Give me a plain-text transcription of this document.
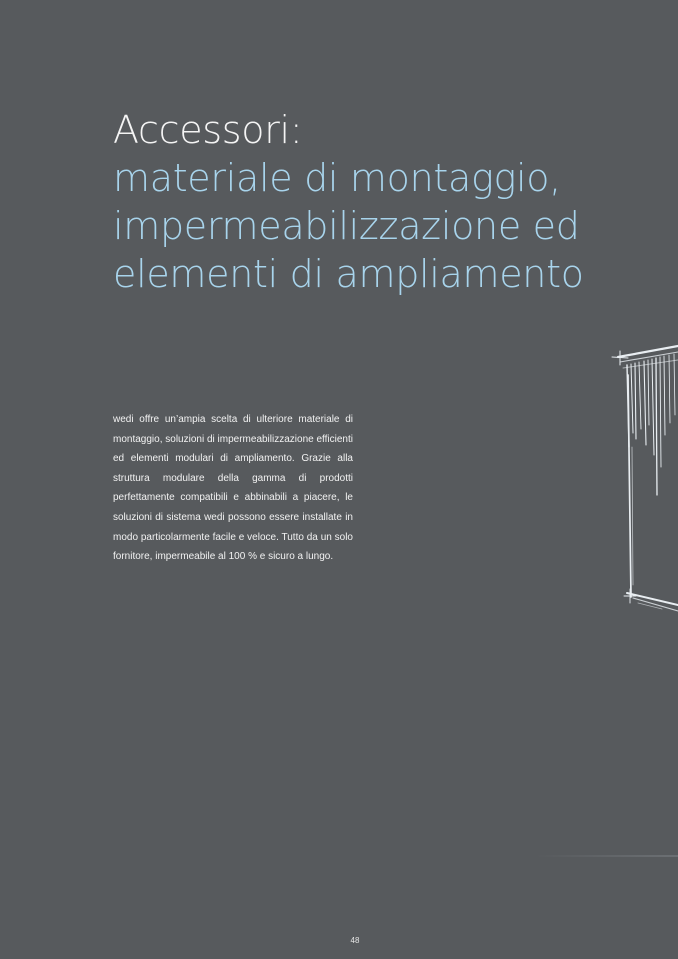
Accessori:
materiale di montaggio,
impermeabilizzazione ed
elementi di ampliamento

wedi offre un’ampia scelta di ulteriore materiale di montaggio, soluzioni di impermeabilizzazione efficienti ed elementi modulari di ampliamento. Grazie alla struttura modulare della gamma di prodotti perfettamente compatibili e abbinabili a piacere, le soluzioni di sistema wedi possono essere installate in modo particolarmente facile e veloce. Tutto da un solo fornitore, impermeabile al 100 % e sicuro a lungo.

48
